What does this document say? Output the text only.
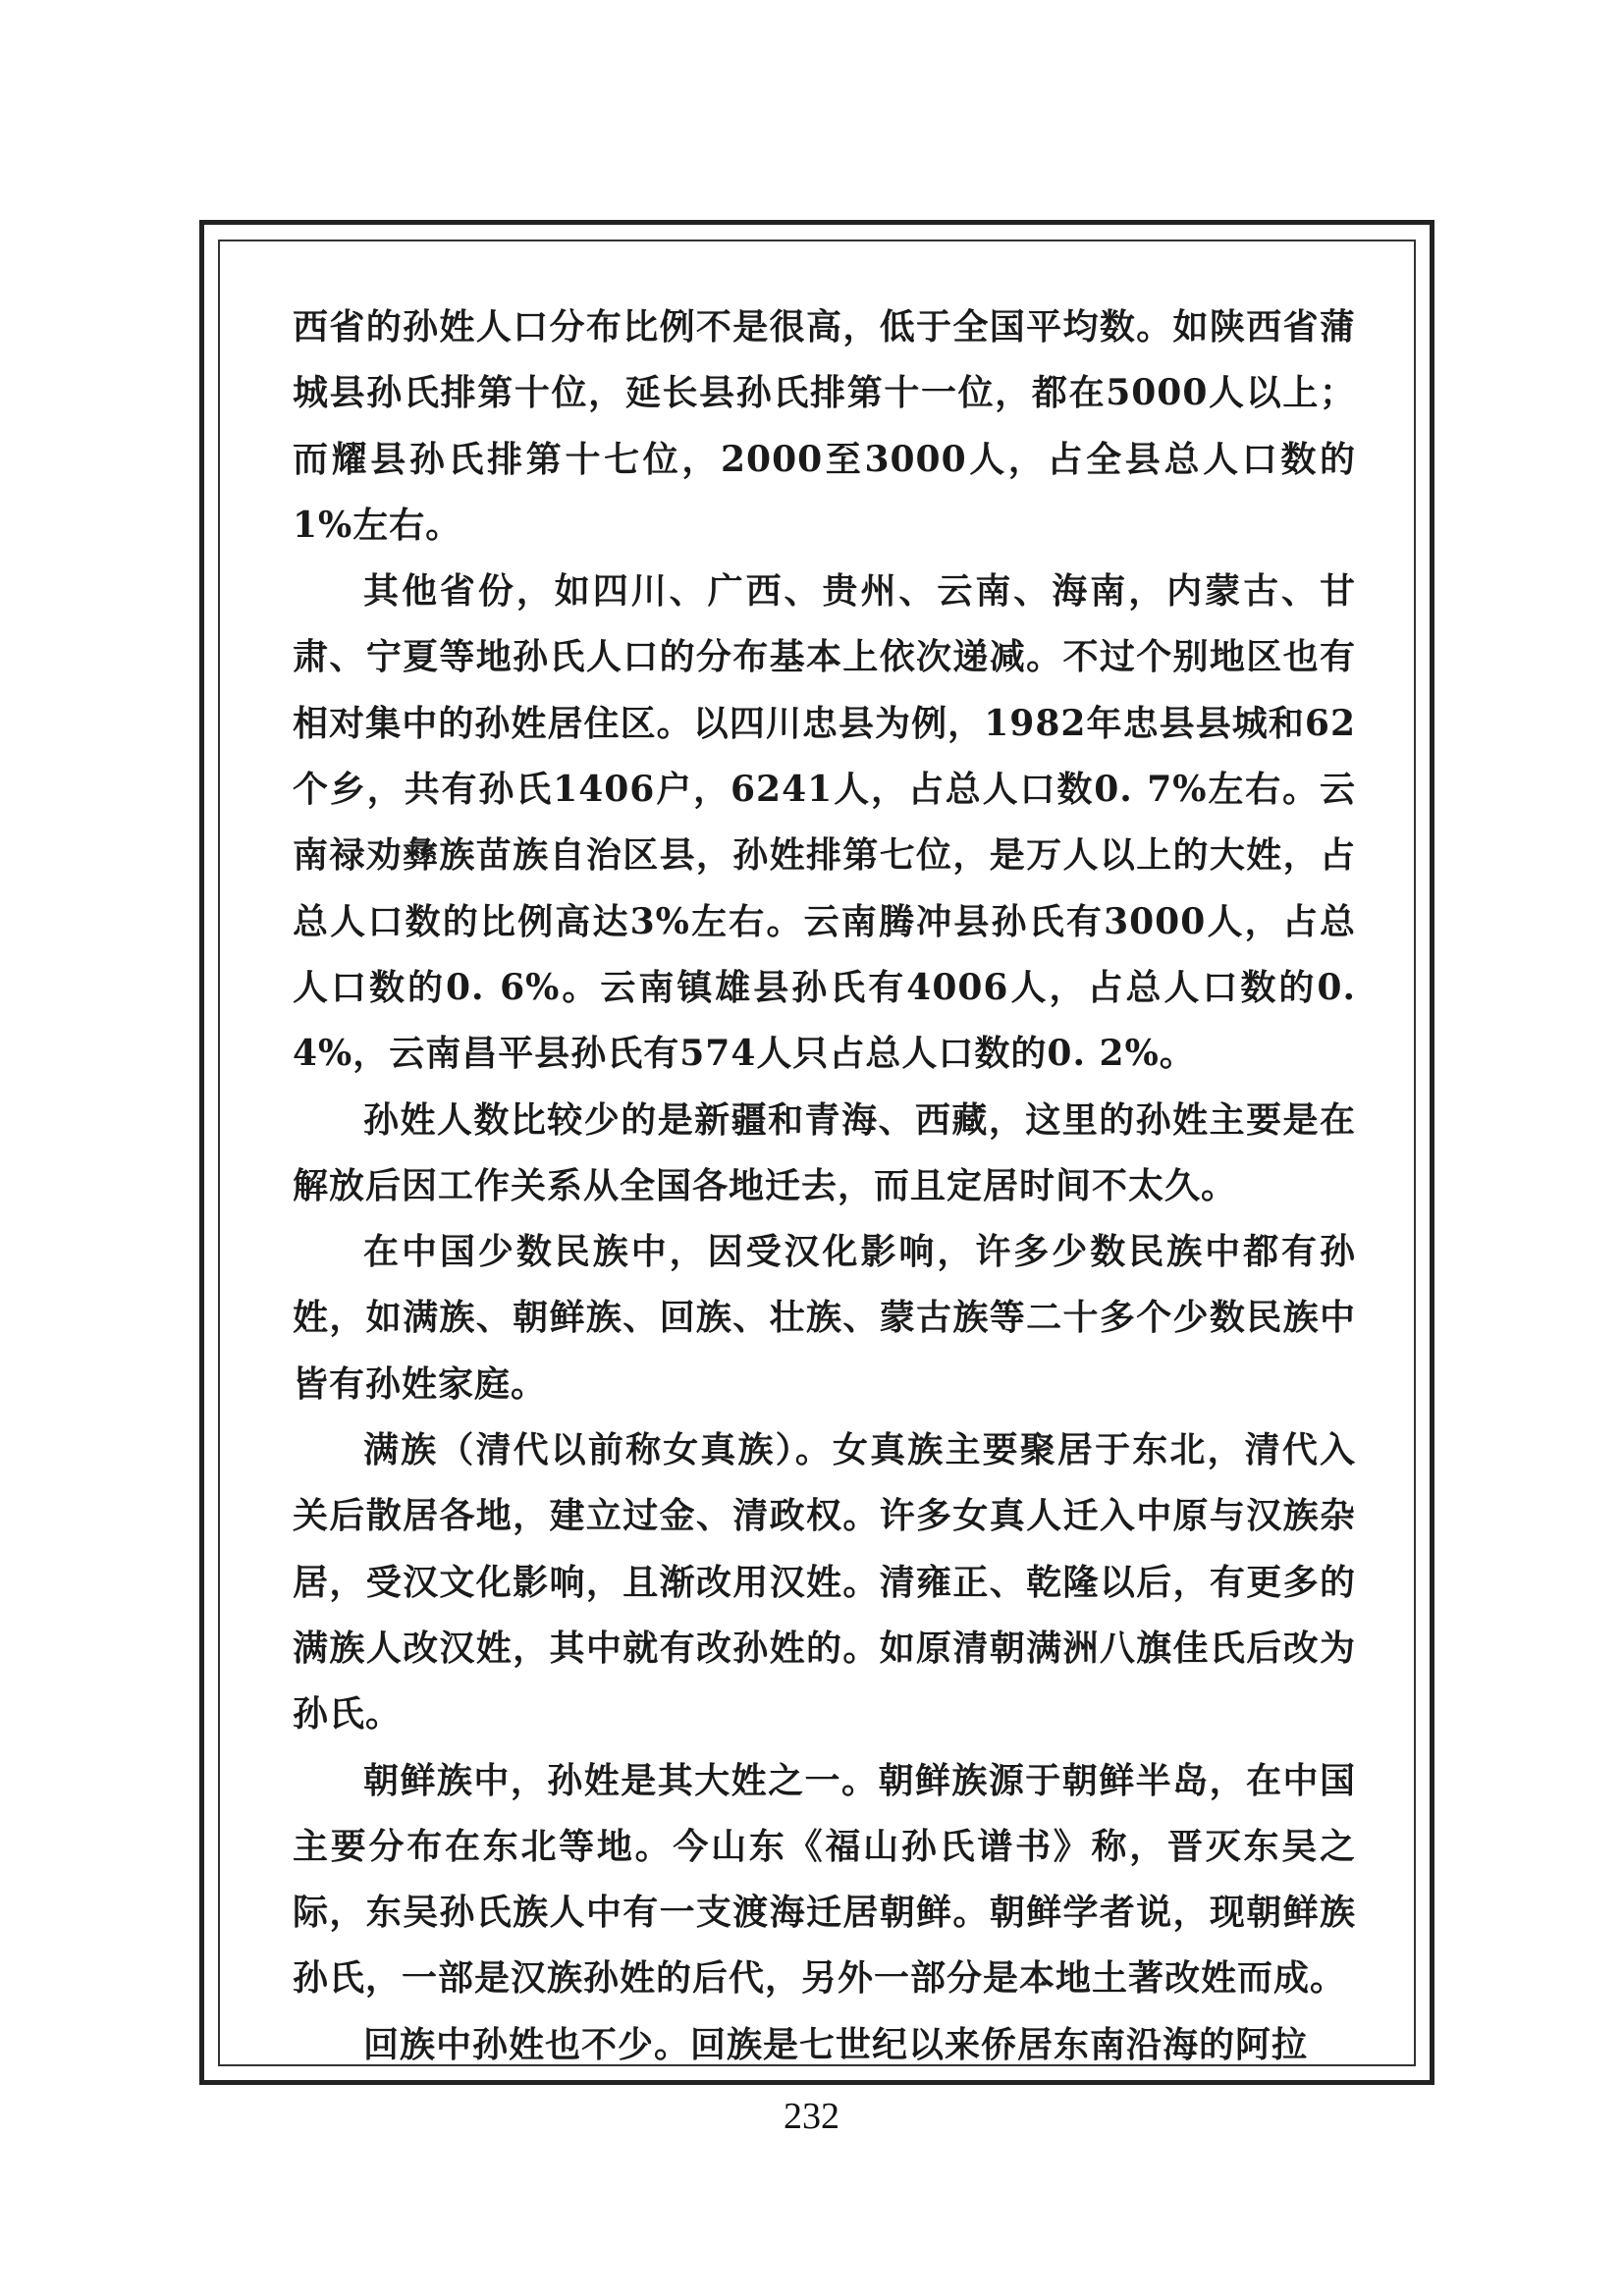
西省的孙姓人口分布比例不是很高，低于全国平均数。如陕西省蒲城县孙氏排第十位，延长县孙氏排第十一位，都在5000人以上；而耀县孙氏排第十七位，2000至3000人，占全县总人口数的1%左右。

其他省份，如四川、广西、贵州、云南、海南，内蒙古、甘肃、宁夏等地孙氏人口的分布基本上依次递减。不过个别地区也有相对集中的孙姓居住区。以四川忠县为例，1982年忠县县城和62个乡，共有孙氏1406户，6241人，占总人口数0. 7%左右。云南禄劝彝族苗族自治区县，孙姓排第七位，是万人以上的大姓，占总人口数的比例高达3%左右。云南腾冲县孙氏有3000人，占总人口数的0. 6%。云南镇雄县孙氏有4006人，占总人口数的0. 4%，云南昌平县孙氏有574人只占总人口数的0. 2%。

孙姓人数比较少的是新疆和青海、西藏，这里的孙姓主要是在解放后因工作关系从全国各地迁去，而且定居时间不太久。

在中国少数民族中，因受汉化影响，许多少数民族中都有孙姓，如满族、朝鲜族、回族、壮族、蒙古族等二十多个少数民族中皆有孙姓家庭。

满族（清代以前称女真族）。女真族主要聚居于东北，清代入关后散居各地，建立过金、清政权。许多女真人迁入中原与汉族杂居，受汉文化影响，且渐改用汉姓。清雍正、乾隆以后，有更多的满族人改汉姓，其中就有改孙姓的。如原清朝满洲八旗佳氏后改为孙氏。

朝鲜族中，孙姓是其大姓之一。朝鲜族源于朝鲜半岛，在中国主要分布在东北等地。今山东《福山孙氏谱书》称，晋灭东吴之际，东吴孙氏族人中有一支渡海迁居朝鲜。朝鲜学者说，现朝鲜族孙氏，一部是汉族孙姓的后代，另外一部分是本地土著改姓而成。

回族中孙姓也不少。回族是七世纪以来侨居东南沿海的阿拉

232
